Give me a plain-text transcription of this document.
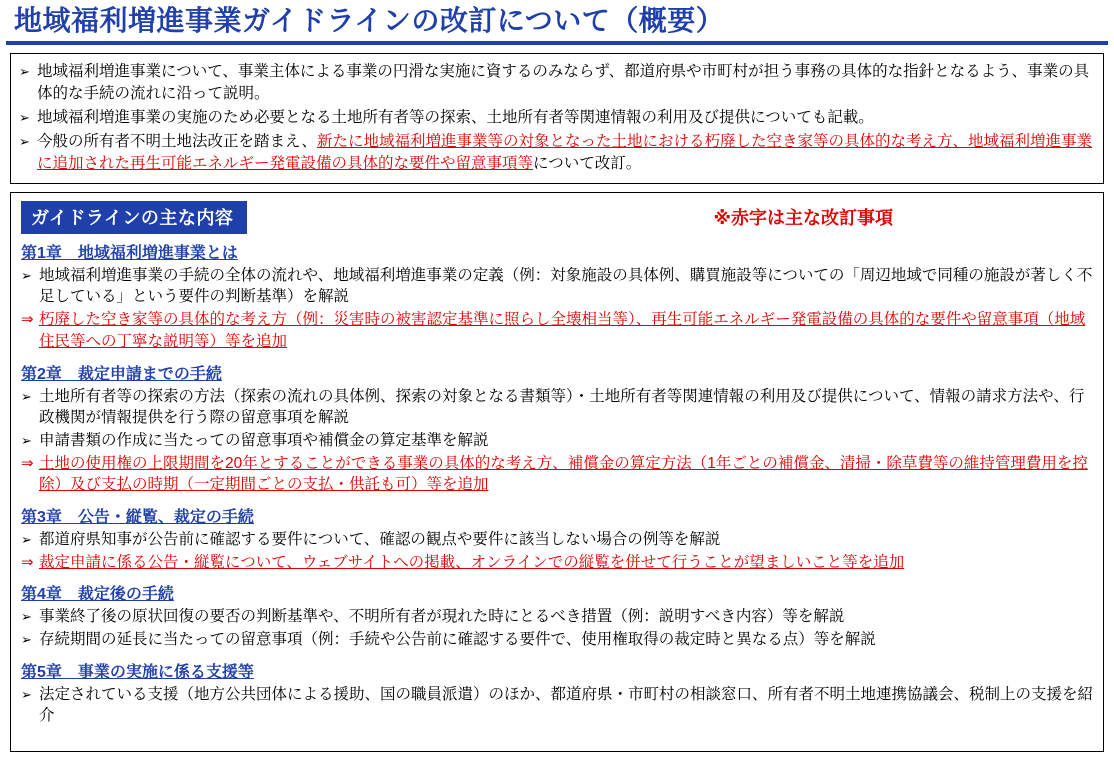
地域福利増進事業ガイドラインの改訂について（概要）
➢ 地域福利増進事業について、事業主体による事業の円滑な実施に資するのみならず、都道府県や市町村が担う事務の具体的な指針となるよう、事業の具体的な手続の流れに沿って説明。
➢ 地域福利増進事業の実施のため必要となる土地所有者等の探索、土地所有者等関連情報の利用及び提供についても記載。
➢ 今般の所有者不明土地法改正を踏まえ、新たに地域福利増進事業等の対象となった土地における朽廃した空き家等の具体的な考え方、地域福利増進事業に追加された再生可能エネルギー発電設備の具体的な要件や留意事項等について改訂。
ガイドラインの主な内容	※赤字は主な改訂事項
第1章　地域福利増進事業とは
➢ 地域福利増進事業の手続の全体の流れや、地域福利増進事業の定義（例：対象施設の具体例、購買施設等についての「周辺地域で同種の施設が著しく不足している」という要件の判断基準）を解説
⇒ 朽廃した空き家等の具体的な考え方（例：災害時の被害認定基準に照らし全壊相当等）、再生可能エネルギー発電設備の具体的な要件や留意事項（地域住民等への丁寧な説明等）等を追加
第2章　裁定申請までの手続
➢ 土地所有者等の探索の方法（探索の流れの具体例、探索の対象となる書類等）・土地所有者等関連情報の利用及び提供について、情報の請求方法や、行政機関が情報提供を行う際の留意事項を解説
➢ 申請書類の作成に当たっての留意事項や補償金の算定基準を解説
⇒ 土地の使用権の上限期間を20年とすることができる事業の具体的な考え方、補償金の算定方法（1年ごとの補償金、清掃・除草費等の維持管理費用を控除）及び支払の時期（一定期間ごとの支払・供託も可）等を追加
第3章　公告・縦覧、裁定の手続
➢ 都道府県知事が公告前に確認する要件について、確認の観点や要件に該当しない場合の例等を解説
⇒ 裁定申請に係る公告・縦覧について、ウェブサイトへの掲載、オンラインでの縦覧を併せて行うことが望ましいこと等を追加
第4章　裁定後の手続
➢ 事業終了後の原状回復の要否の判断基準や、不明所有者が現れた時にとるべき措置（例：説明すべき内容）等を解説
➢ 存続期間の延長に当たっての留意事項（例：手続や公告前に確認する要件で、使用権取得の裁定時と異なる点）等を解説
第5章　事業の実施に係る支援等
➢ 法定されている支援（地方公共団体による援助、国の職員派遣）のほか、都道府県・市町村の相談窓口、所有者不明土地連携協議会、税制上の支援を紹介
